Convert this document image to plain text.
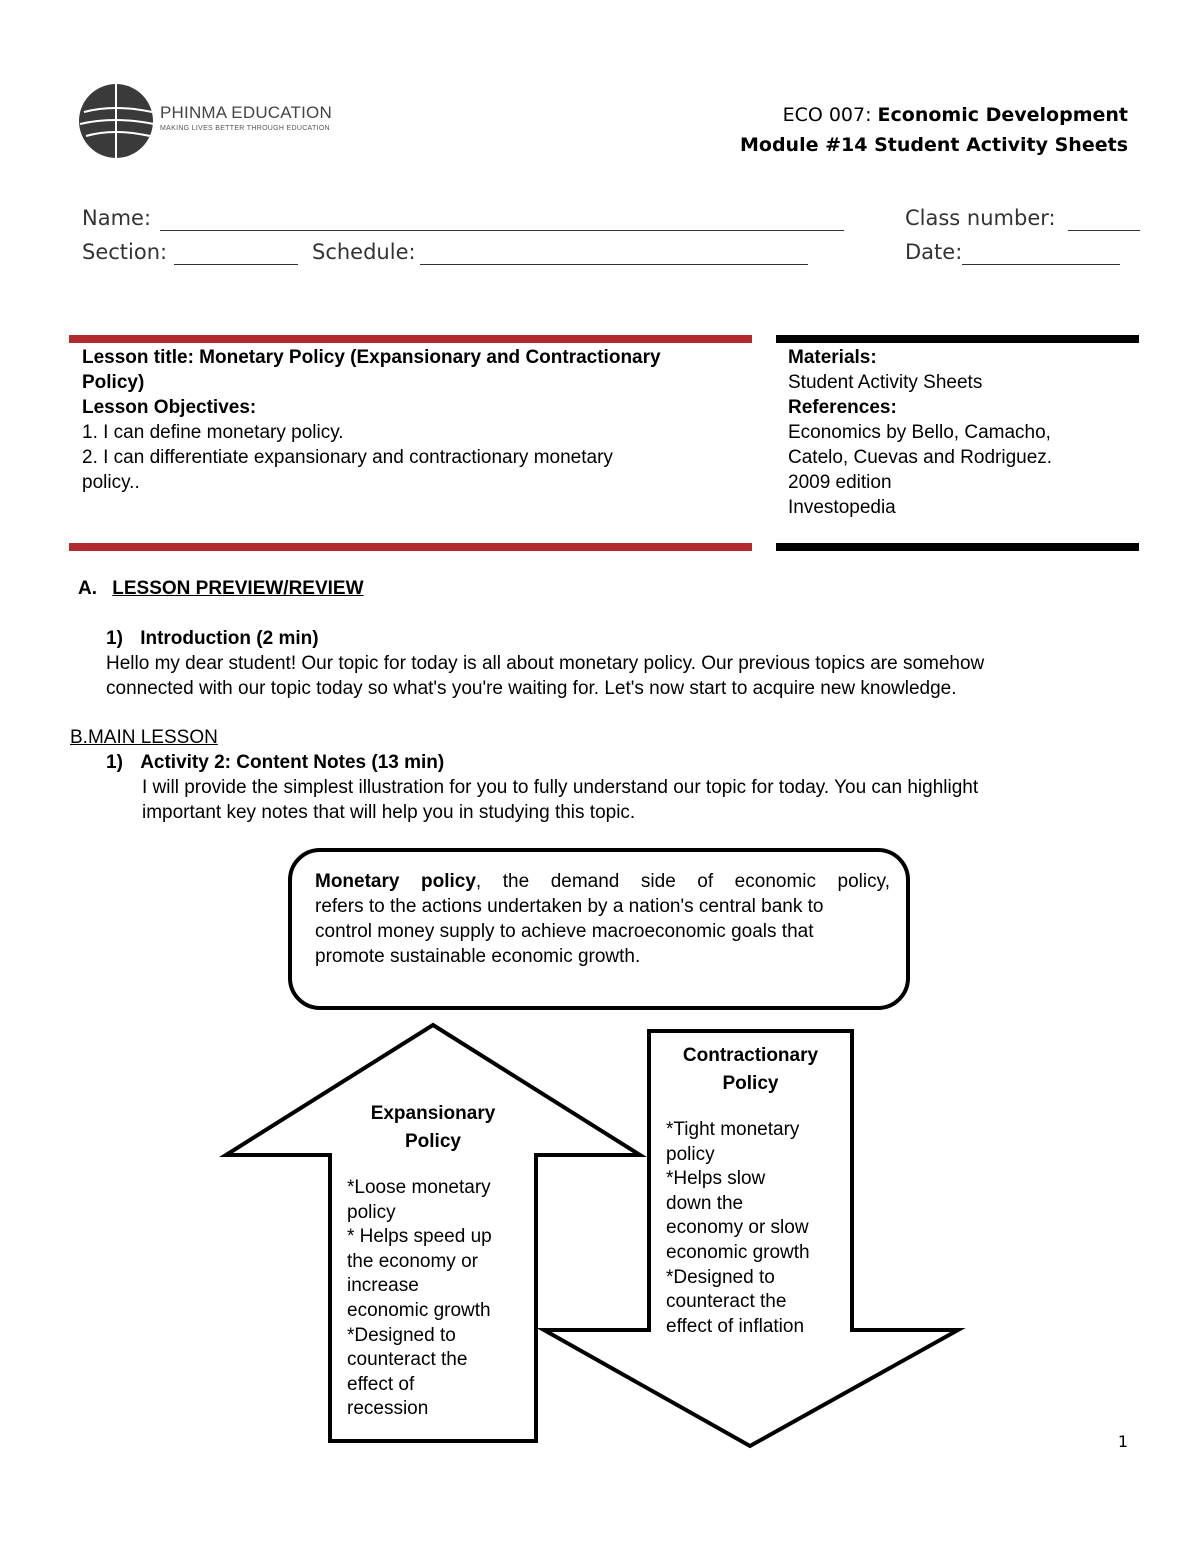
PHINMA EDUCATION
MAKING LIVES BETTER THROUGH EDUCATION
ECO 007: Economic Development
Module #14 Student Activity Sheets
Name:	Class number:
Section:	Schedule:	Date:
Lesson title: Monetary Policy (Expansionary and Contractionary
Policy)
Lesson Objectives:
1. I can define monetary policy.
2. I can differentiate expansionary and contractionary monetary
policy..
Materials:
Student Activity Sheets
References:
Economics by Bello, Camacho,
Catelo, Cuevas and Rodriguez.
2009 edition
Investopedia
A. LESSON PREVIEW/REVIEW
1) Introduction (2 min)
Hello my dear student! Our topic for today is all about monetary policy. Our previous topics are somehow
connected with our topic today so what's you're waiting for. Let's now start to acquire new knowledge.
B.MAIN LESSON
1) Activity 2: Content Notes (13 min)
I will provide the simplest illustration for you to fully understand our topic for today. You can highlight
important key notes that will help you in studying this topic.
Monetary policy, the demand side of economic policy,
refers to the actions undertaken by a nation's central bank to
control money supply to achieve macroeconomic goals that
promote sustainable economic growth.
Expansionary
Policy
*Loose monetary
policy
* Helps speed up
the economy or
increase
economic growth
*Designed to
counteract the
effect of
recession
Contractionary
Policy
*Tight monetary
policy
*Helps slow
down the
economy or slow
economic growth
*Designed to
counteract the
effect of inflation
1
